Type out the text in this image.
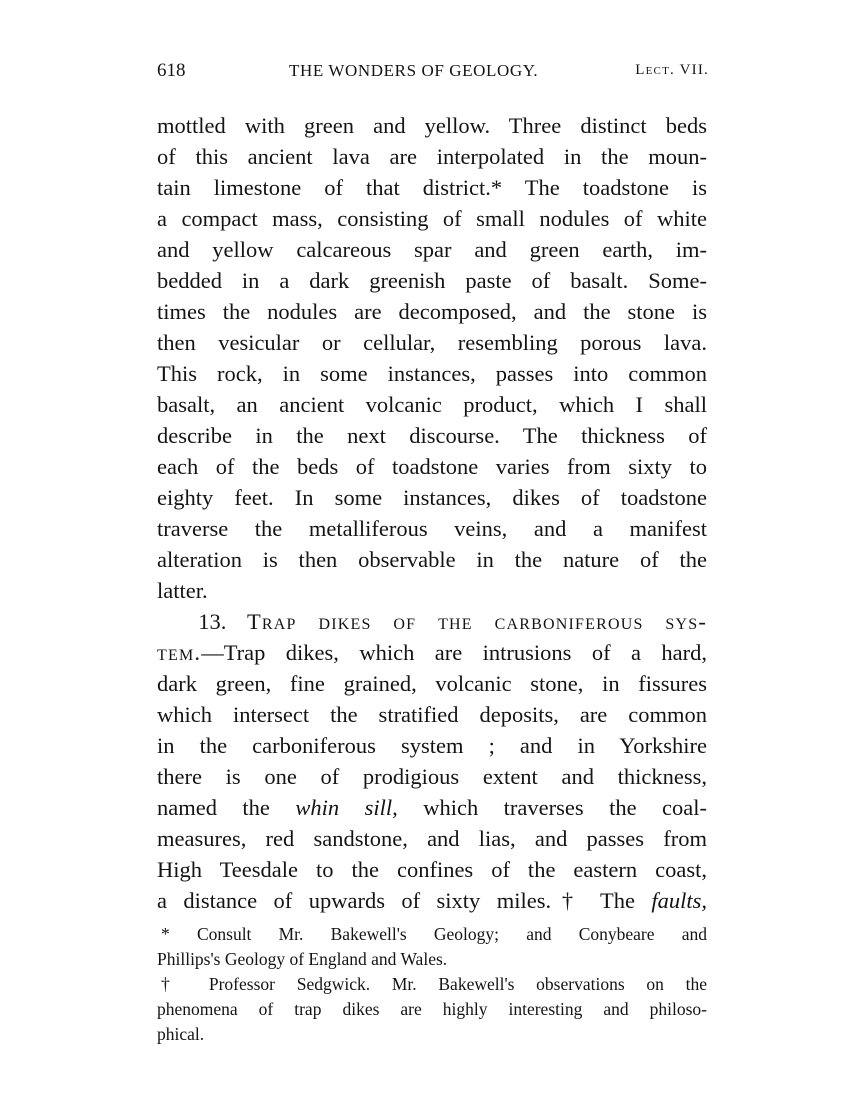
618	THE WONDERS OF GEOLOGY.	Lect. VII.
mottled with green and yellow. Three distinct beds
of this ancient lava are interpolated in the moun-
tain limestone of that district.* The toadstone is
a compact mass, consisting of small nodules of white
and yellow calcareous spar and green earth, im-
bedded in a dark greenish paste of basalt. Some-
times the nodules are decomposed, and the stone is
then vesicular or cellular, resembling porous lava.
This rock, in some instances, passes into common
basalt, an ancient volcanic product, which I shall
describe in the next discourse. The thickness of
each of the beds of toadstone varies from sixty to
eighty feet. In some instances, dikes of toadstone
traverse the metalliferous veins, and a manifest
alteration is then observable in the nature of the
latter.
13. Trap dikes of the carboniferous sys-
tem.—Trap dikes, which are intrusions of a hard,
dark green, fine grained, volcanic stone, in fissures
which intersect the stratified deposits, are common
in the carboniferous system ; and in Yorkshire
there is one of prodigious extent and thickness,
named the whin sill, which traverses the coal-
measures, red sandstone, and lias, and passes from
High Teesdale to the confines of the eastern coast,
a distance of upwards of sixty miles.† The faults,
* Consult Mr. Bakewell's Geology; and Conybeare and
Phillips's Geology of England and Wales.
† Professor Sedgwick. Mr. Bakewell's observations on the
phenomena of trap dikes are highly interesting and philoso-
phical.
